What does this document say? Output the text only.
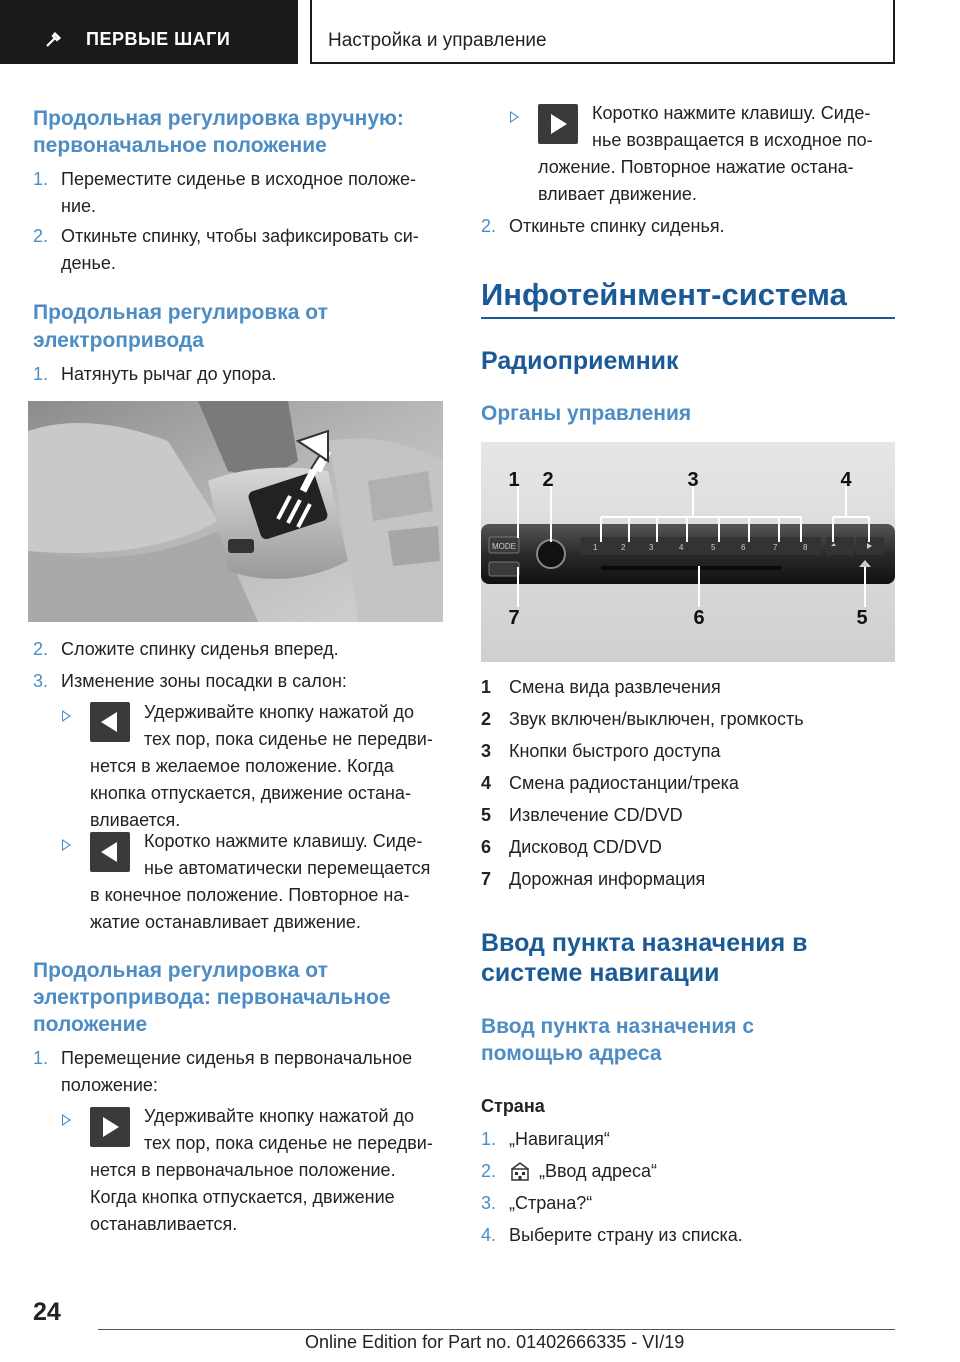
ПЕРВЫЕ ШАГИ	Настройка и управление
Продольная регулировка вручную:
первоначальное положение
1. Переместите сиденье в исходное положе-
ние.
2. Откиньте спинку, чтобы зафиксировать си-
денье.
Продольная регулировка от
электропривода
1. Натянуть рычаг до упора.
2. Сложите спинку сиденья вперед.
3. Изменение зоны посадки в салон:
Удерживайте кнопку нажатой до
тех пор, пока сиденье не передви-
нется в желаемое положение. Когда
кнопка отпускается, движение остана-
вливается.
Коротко нажмите клавишу. Сиде-
нье автоматически перемещается
в конечное положение. Повторное на-
жатие останавливает движение.
Продольная регулировка от
электропривода: первоначальное
положение
1. Перемещение сиденья в первоначальное
положение:
Удерживайте кнопку нажатой до
тех пор, пока сиденье не передви-
нется в первоначальное положение.
Когда кнопка отпускается, движение
останавливается.
Коротко нажмите клавишу. Сиде-
нье возвращается в исходное по-
ложение. Повторное нажатие остана-
вливает движение.
2. Откиньте спинку сиденья.
Инфотейнмент-система
Радиоприемник
Органы управления
MODE	1	2	3	4	5	6	7	8
1 2	3	4
7	6	5
1 Смена вида развлечения
2 Звук включен/выключен, громкость
3 Кнопки быстрого доступа
4 Смена радиостанции/трека
5 Извлечение CD/DVD
6 Дисковод CD/DVD
7 Дорожная информация
Ввод пункта назначения в
системе навигации
Ввод пункта назначения с
помощью адреса
Страна
1. „Навигация“
2. „Ввод адреса“
3. „Страна?“
4. Выберите страну из списка.
24
Online Edition for Part no. 01402666335 - VI/19
